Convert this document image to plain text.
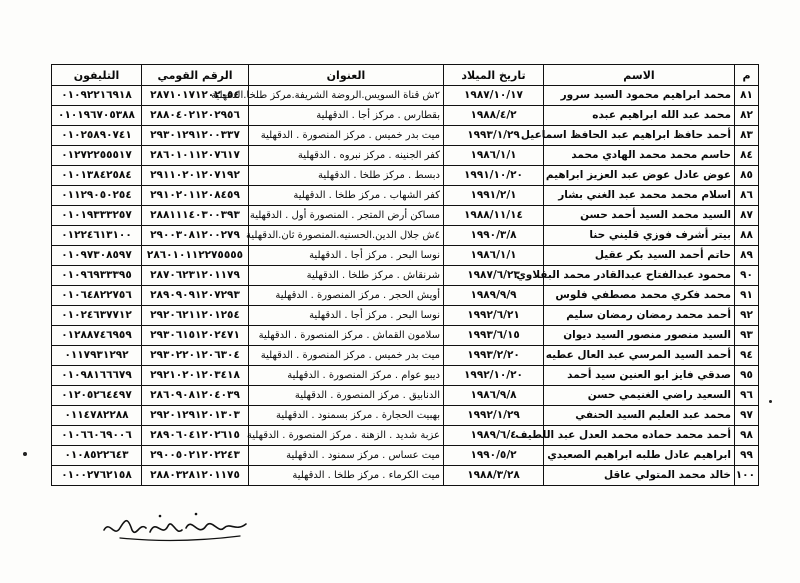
م	الاسم	تاريخ الميلاد	العنوان	الرقم القومي	التليفون
٨١	محمد ابراهيم محمود السيد سرور	١٩٨٧/١٠/١٧	٢ش قناة السويس.الروضة الشريفة.مركز طلخا.الدقهلية	٢٨٧١٠١٧١٢٠٢٠٥٤	٠١٠٩٢٢١٦٩١٨
٨٢	محمد عبد الله ابراهيم عبده	١٩٨٨/٤/٢	بقطارس . مركز أجا . الدقهلية	٢٨٨٠٤٠٢١٢٠٢٩٥٦	٠١٠١٩٦٧٠٥٣٨٨
٨٣	أحمد حافظ ابراهيم عبد الحافظ اسماعيل	١٩٩٣/١/٢٩	ميت بدر خميس . مركز المنصورة . الدقهلية	٢٩٣٠١٢٩١٢٠٠٣٣٧	٠١٠٢٥٨٩٠٧٤١
٨٤	حاسم محمد محمد الهادي محمد	١٩٨٦/١/١	كفر الجنينه . مركز نبروه . الدقهلية	٢٨٦٠١٠١١٢٠٧٦١٧	٠١٢٧٢٢٥٥٥١٧
٨٥	عوض عادل عوض عبد العزيز ابراهيم	١٩٩١/١٠/٢٠	دبسط . مركز طلخا . الدقهلية	٢٩١١٠٢٠١٢٠٧١٩٢	٠١٠١٣٨٤٢٥٨٤
٨٦	اسلام محمد محمد عبد الغني بشار	١٩٩١/٢/١	كفر الشهاب . مركز طلخا . الدقهلية	٢٩١٠٢٠١١٢٠٨٤٥٩	٠١١٢٩٠٥٠٢٥٤
٨٧	السيد محمد السيد أحمد حسن	١٩٨٨/١١/١٤	مساكن أرض المتجر . المنصورة أول . الدقهلية	٢٨٨١١١٤٠٣٠٠٣٩٣	٠١٠١٩٣٣٣٢٥٧
٨٨	بيتر أشرف فوزي قليني حنا	١٩٩٠/٣/٨	٤ش جلال الدين.الحسنيه.المنصورة ثان.الدقهلية	٢٩٠٠٣٠٨١٢٠٠٢٧٩	٠١٢٢٤٦١٣١٠٠
٨٩	حاتم أحمد السيد بكر عقيل	١٩٨٦/١/١	نوسا البحر . مركز أجا . الدقهلية	٢٨٦٠١٠١١٢٢٧٥٥٥٥	٠١٠٩٧٣٠٨٥٩٧
٩٠	محمود عبدالفتاح عبدالقادر محمد البقلاوي	١٩٨٧/٦/٢٣	شرنقاش . مركز طلخا . الدقهلية	٢٨٧٠٦٢٣١٢٠١١٧٩	٠١٠٩٦٩٣٣٣٩٥
٩١	محمد فكري محمد مصطفي فلوس	١٩٨٩/٩/٩	أويش الحجر . مركز المنصورة . الدقهلية	٢٨٩٠٩٠٩١٢٠٧٢٩٣	٠١٠٦٤٨٢٢٧٥٦
٩٢	أحمد محمد رمضان رمضان سليم	١٩٩٢/٦/٢١	نوسا البحر . مركز أجا . الدقهلية	٢٩٢٠٦٢١١٢٠١٢٥٤	٠١٠٢٤٦٣٧٧١٢
٩٣	السيد منصور منصور السيد ديوان	١٩٩٣/٦/١٥	سلامون القماش . مركز المنصورة . الدقهلية	٢٩٣٠٦١٥١٢٠٢٤٧١	٠١٢٨٨٧٤٦٩٥٩
٩٤	أحمد السيد المرسي عبد العال عطيه	١٩٩٣/٢/٢٠	ميت بدر خميس . مركز المنصورة . الدقهلية	٢٩٣٠٢٢٠١٢٠٦٣٠٤	٠١١٧٩٣١٢٩٢
٩٥	صدقي فايز ابو العنين سيد أحمد	١٩٩٢/١٠/٢٠	ديبو عوام . مركز المنصورة . الدقهلية	٢٩٢١٠٢٠١٢٠٣٤١٨	٠١٠٩٨١٦٦٦٧٩
٩٦	السعيد راضي الغنيمي حسن	١٩٨٦/٩/٨	الدنابيق . مركز المنصورة . الدقهلية	٢٨٦٠٩٠٨١٢٠٤٠٣٩	٠١٢٠٥٢٦٤٤٩٧
٩٧	محمد عبد العليم السيد الحنفي	١٩٩٢/١/٢٩	بهبيت الحجارة . مركز بسمنود . الدقهلية	٢٩٢٠١٢٩١٢٠١٣٠٣	٠١١٤٧٨٢٢٨٨
٩٨	أحمد محمد حماده محمد العدل عبد اللطيف	١٩٨٩/٦/٤	عزبة شديد . الزهنة . مركز المنصورة . الدقهلية	٢٨٩٠٦٠٤١٢٠٢٦١٥	٠١٠٦٦٠٦٩٠٠٦
٩٩	ابراهيم عادل طلبه ابراهيم الصعيدي	١٩٩٠/٥/٢	ميت عساس . مركز سمنود . الدقهلية	٢٩٠٠٥٠٢١٢٠٢٢٤٣	٠١٠٨٥٢٢٦٤٣
١٠٠	خالد محمد المتولي عاقل	١٩٨٨/٣/٢٨	ميت الكرماء . مركز طلخا . الدقهلية	٢٨٨٠٣٢٨١٢٠١١٧٥	٠١٠٠٢٧٦٢١٥٨
